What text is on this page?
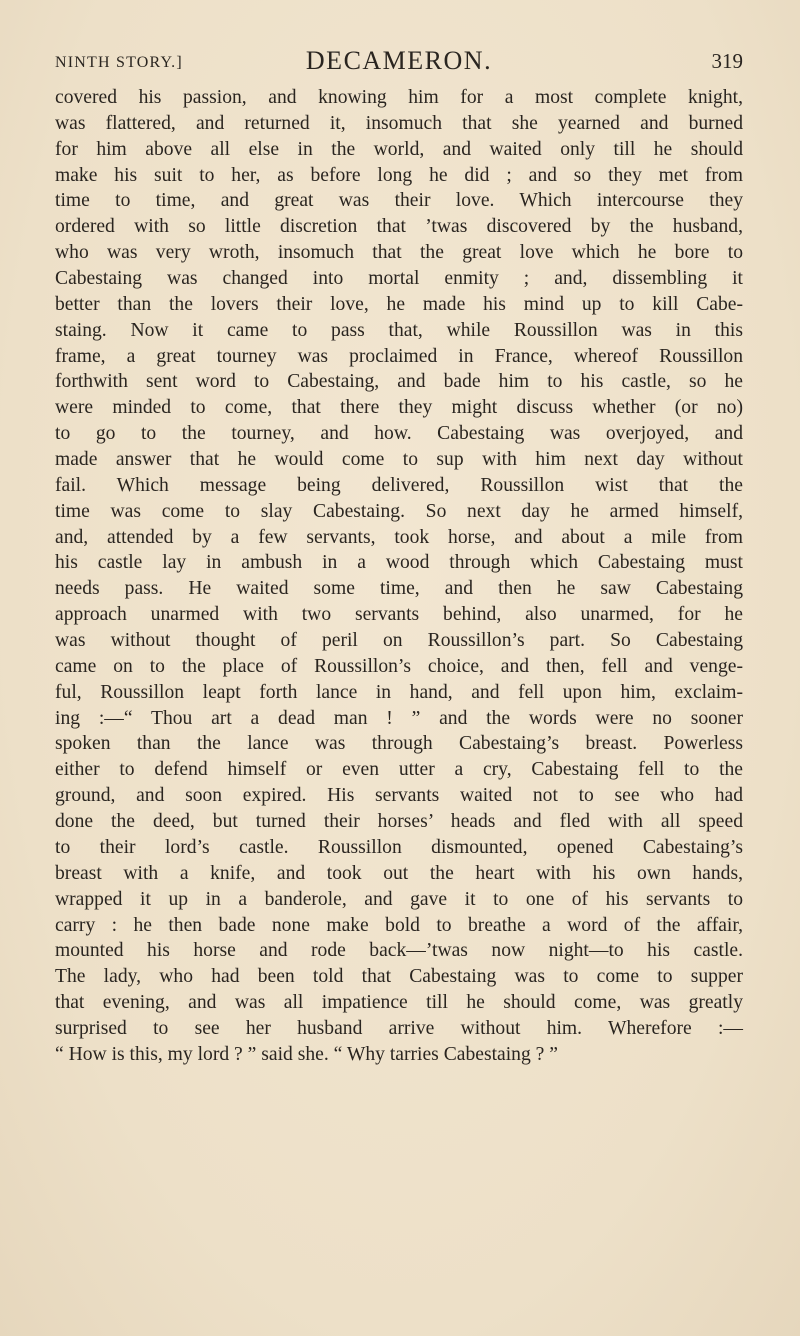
NINTH STORY.]	DECAMERON.	319
covered his passion, and knowing him for a most complete knight,
was flattered, and returned it, insomuch that she yearned and burned
for him above all else in the world, and waited only till he should
make his suit to her, as before long he did ; and so they met from
time to time, and great was their love. Which intercourse they
ordered with so little discretion that ’twas discovered by the husband,
who was very wroth, insomuch that the great love which he bore to
Cabestaing was changed into mortal enmity ; and, dissembling it
better than the lovers their love, he made his mind up to kill Cabe-
staing. Now it came to pass that, while Roussillon was in this
frame, a great tourney was proclaimed in France, whereof Roussillon
forthwith sent word to Cabestaing, and bade him to his castle, so he
were minded to come, that there they might discuss whether (or no)
to go to the tourney, and how. Cabestaing was overjoyed, and
made answer that he would come to sup with him next day without
fail. Which message being delivered, Roussillon wist that the
time was come to slay Cabestaing. So next day he armed himself,
and, attended by a few servants, took horse, and about a mile from
his castle lay in ambush in a wood through which Cabestaing must
needs pass. He waited some time, and then he saw Cabestaing
approach unarmed with two servants behind, also unarmed, for he
was without thought of peril on Roussillon’s part. So Cabestaing
came on to the place of Roussillon’s choice, and then, fell and venge-
ful, Roussillon leapt forth lance in hand, and fell upon him, exclaim-
ing :—“ Thou art a dead man ! ” and the words were no sooner
spoken than the lance was through Cabestaing’s breast. Powerless
either to defend himself or even utter a cry, Cabestaing fell to the
ground, and soon expired. His servants waited not to see who had
done the deed, but turned their horses’ heads and fled with all speed
to their lord’s castle. Roussillon dismounted, opened Cabestaing’s
breast with a knife, and took out the heart with his own hands,
wrapped it up in a banderole, and gave it to one of his servants to
carry : he then bade none make bold to breathe a word of the affair,
mounted his horse and rode back—’twas now night—to his castle.
The lady, who had been told that Cabestaing was to come to supper
that evening, and was all impatience till he should come, was greatly
surprised to see her husband arrive without him. Wherefore :—
“ How is this, my lord ? ” said she. “ Why tarries Cabestaing ? ”
